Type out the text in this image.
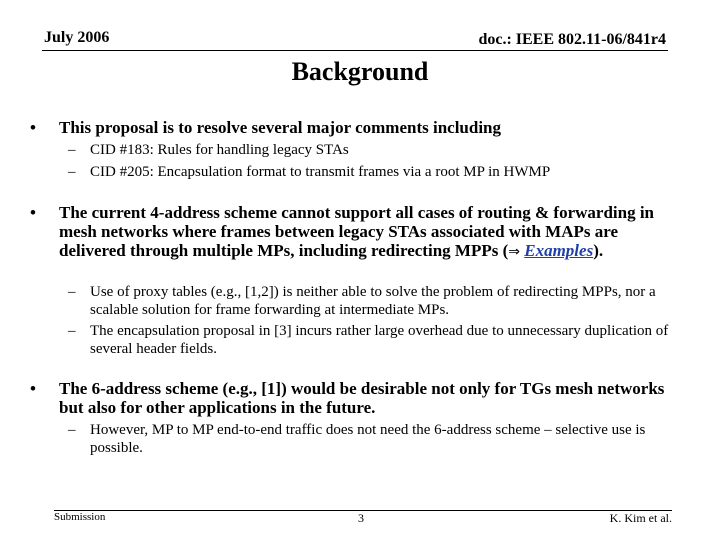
July 2006	doc.: IEEE 802.11-06/841r4
Background
• This proposal is to resolve several major comments including
– CID #183: Rules for handling legacy STAs
– CID #205: Encapsulation format to transmit frames via a root MP in HWMP
• The current 4-address scheme cannot support all cases of routing & forwarding in mesh networks where frames between legacy STAs associated with MAPs are delivered through multiple MPs, including redirecting MPPs (⇒ Examples).
– Use of proxy tables (e.g., [1,2]) is neither able to solve the problem of redirecting MPPs, nor a scalable solution for frame forwarding at intermediate MPs.
– The encapsulation proposal in [3] incurs rather large overhead due to unnecessary duplication of several header fields.
• The 6-address scheme (e.g., [1]) would be desirable not only for TGs mesh networks but also for other applications in the future.
– However, MP to MP end-to-end traffic does not need the 6-address scheme – selective use is possible.
Submission	3	K. Kim et al.
